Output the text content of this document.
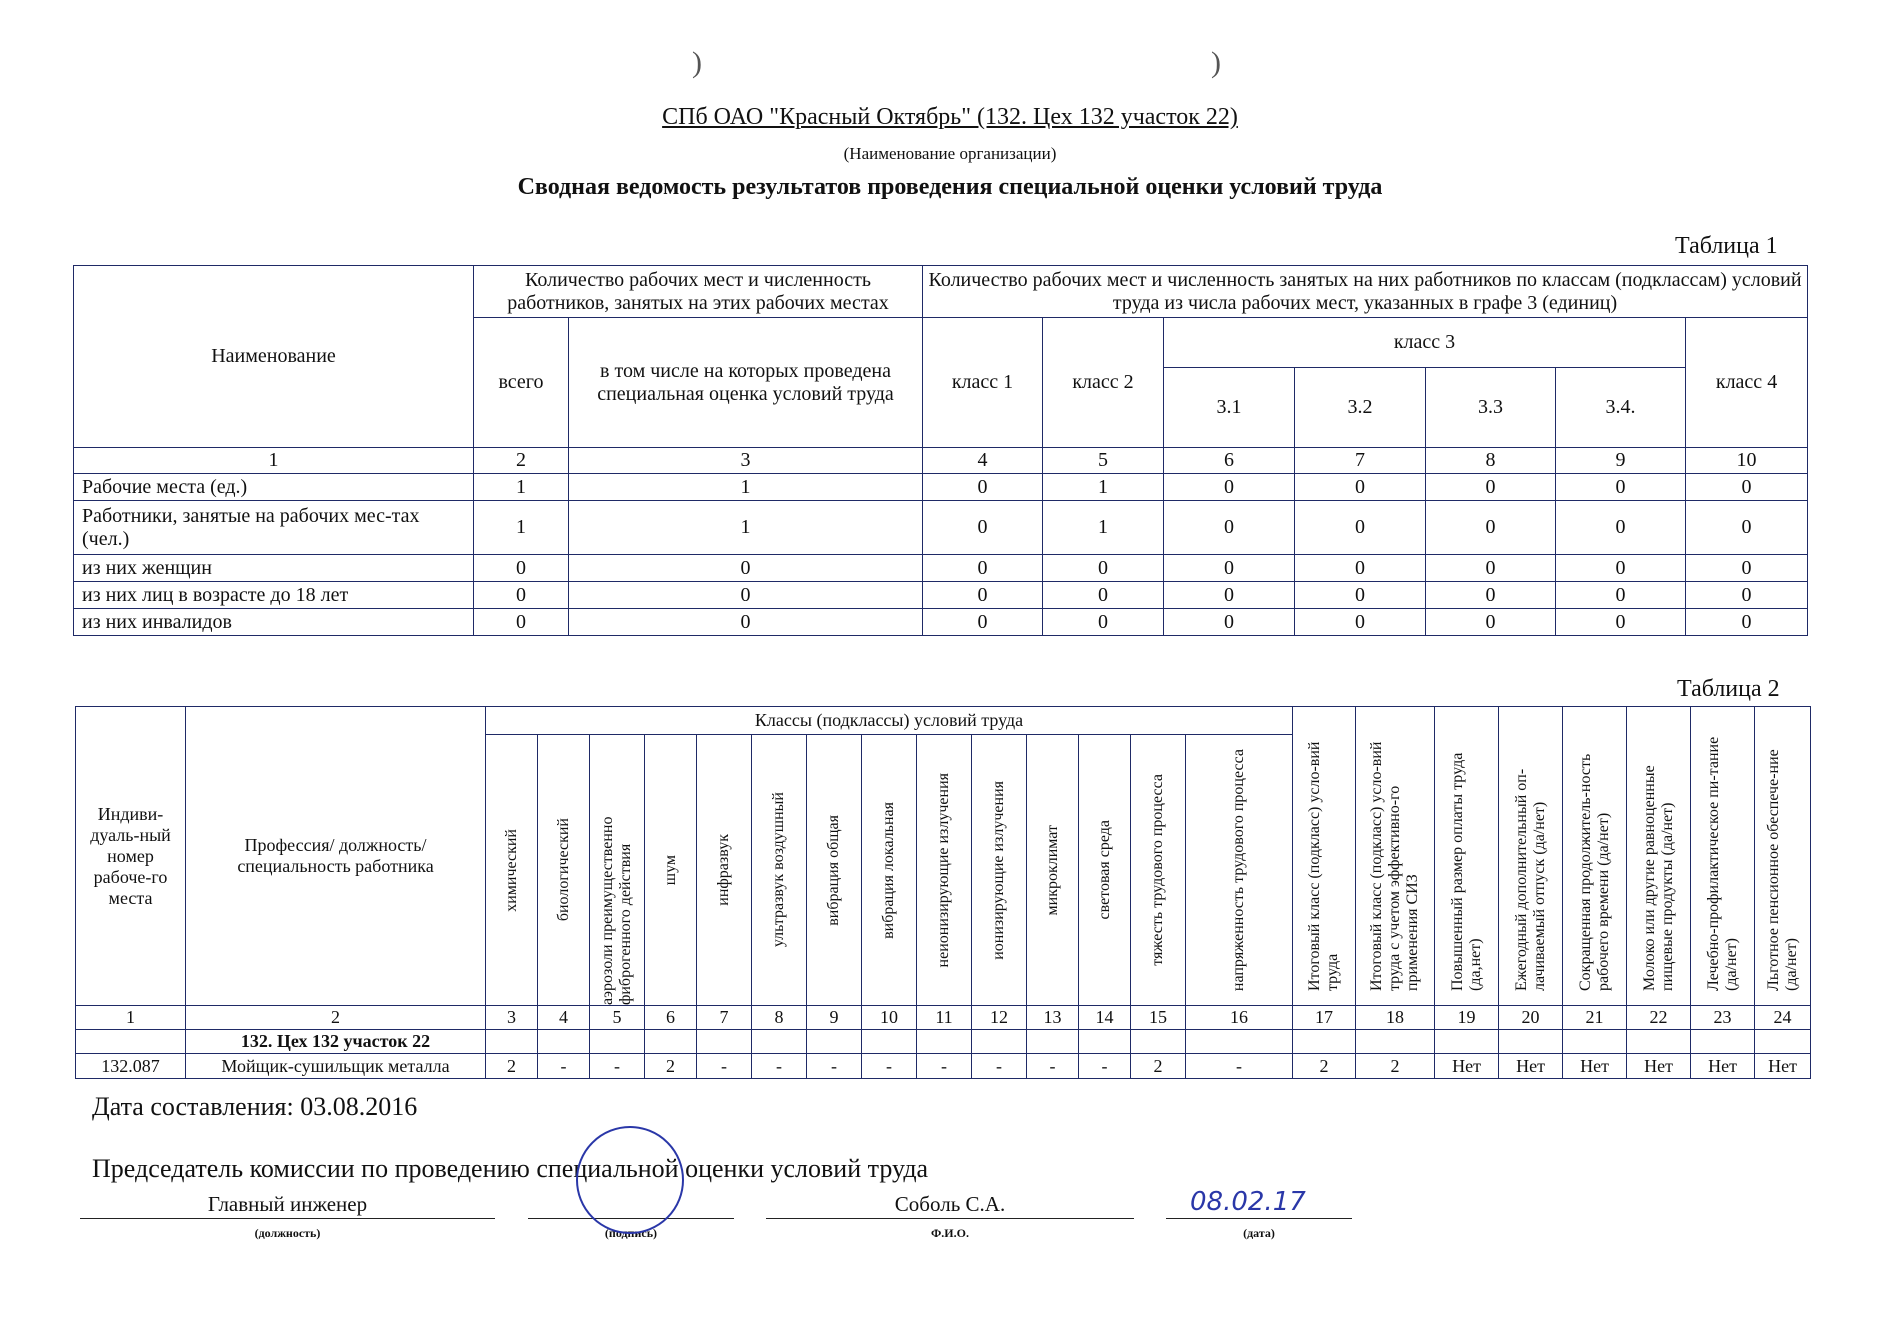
)	)
СПб ОАО "Красный Октябрь" (132. Цех 132 участок 22)
(Наименование организации)
Сводная ведомость результатов проведения специальной оценки условий труда
Таблица 1
Наименование	Количество рабочих мест и численность работников, занятых на этих рабочих местах		Количество рабочих мест и численность занятых на них работников по классам (подклассам) условий труда из числа рабочих мест, указанных в графе 3 (единиц)						
	всего	в том числе на которых проведена специальная оценка условий труда	класс 1	класс 2	класс 3				класс 4
					3.1	3.2	3.3	3.4.	
1	2	3	4	5	6	7	8	9	10
Рабочие места (ед.)	1	1	0	1	0	0	0	0	0
Работники, занятые на рабочих мес-тах (чел.)	1	1	0	1	0	0	0	0	0
из них женщин	0	0	0	0	0	0	0	0	0
из них лиц в возрасте до 18 лет	0	0	0	0	0	0	0	0	0
из них инвалидов	0	0	0	0	0	0	0	0	0
Таблица 2
Индиви-дуаль-ный номер рабоче-го места	Профессия/ должность/ специальность работника	Классы (подклассы) условий труда														Итоговый класс (подкласс) усло-вий труда	Итоговый класс (подкласс) усло-вий труда с учетом эффективно-го применения СИЗ	Повышенный размер оплаты труда (да,нет)	Ежегодный дополнительный оп-лачиваемый отпуск (да/нет)	Сокращенная продолжитель-ность рабочего времени (да/нет)	Молоко или другие равноценные пищевые продукты (да/нет)	Лечебно-профилактическое пи-тание (да/нет)	Льготное пенсионное обеспече-ние (да/нет)

		химический	биологический	аэрозоли преимущественно фиброгенного действия	шум	инфразвук	ультразвук воздушный	вибрация общая	вибрация локальная	неионизирующие излучения	ионизирующие излучения	микроклимат	световая среда	тяжесть трудового процесса	напряженность трудового процесса								

1	2	3	4	5	6	7	8	9	10	11	12	13	14	15	16	17	18	19	20	21	22	23	24
	132. Цех 132 участок 22																						
132.087	Мойщик-сушильщик металла	2	-	-	2	-	-	-	-	-	-	-	-	2	-	2	2	Нет	Нет	Нет	Нет	Нет	Нет
Дата составления: 03.08.2016
Председатель комиссии по проведению специальной оценки условий труда
Главный инженер
(должность)	(подпись)
Соболь С.А.
Ф.И.О.
08.02.17
(дата)
